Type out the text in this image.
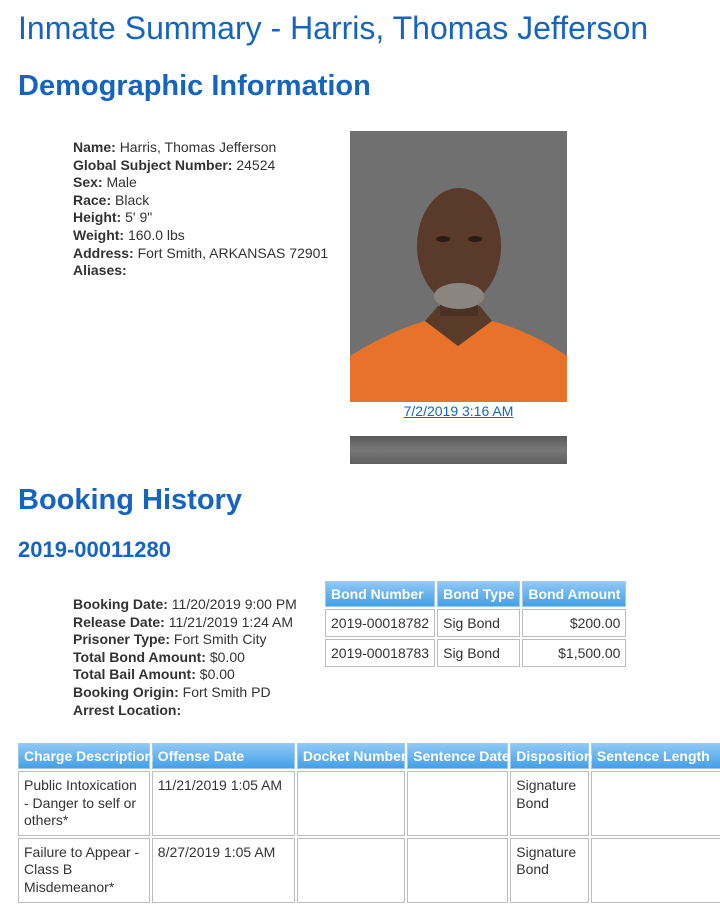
Inmate Summary - Harris, Thomas Jefferson
Demographic Information
Name: Harris, Thomas Jefferson
Global Subject Number: 24524
Sex: Male
Race: Black
Height: 5' 9"
Weight: 160.0 lbs
Address: Fort Smith, ARKANSAS 72901
Aliases:
7/2/2019 3:16 AM
Booking History
2019-00011280
Booking Date: 11/20/2019 9:00 PM
Release Date: 11/21/2019 1:24 AM
Prisoner Type: Fort Smith City
Total Bond Amount: $0.00
Total Bail Amount: $0.00
Booking Origin: Fort Smith PD
Arrest Location:
Bond Number	Bond Type	Bond Amount
2019-00018782	Sig Bond	$200.00
2019-00018783	Sig Bond	$1,500.00
Charge Description	Offense Date	Docket Number	Sentence Date	Disposition	Sentence Length
Public Intoxication - Danger to self or others*	11/21/2019 1:05 AM			Signature Bond	
Failure to Appear - Class B Misdemeanor*	8/27/2019 1:05 AM			Signature Bond	
